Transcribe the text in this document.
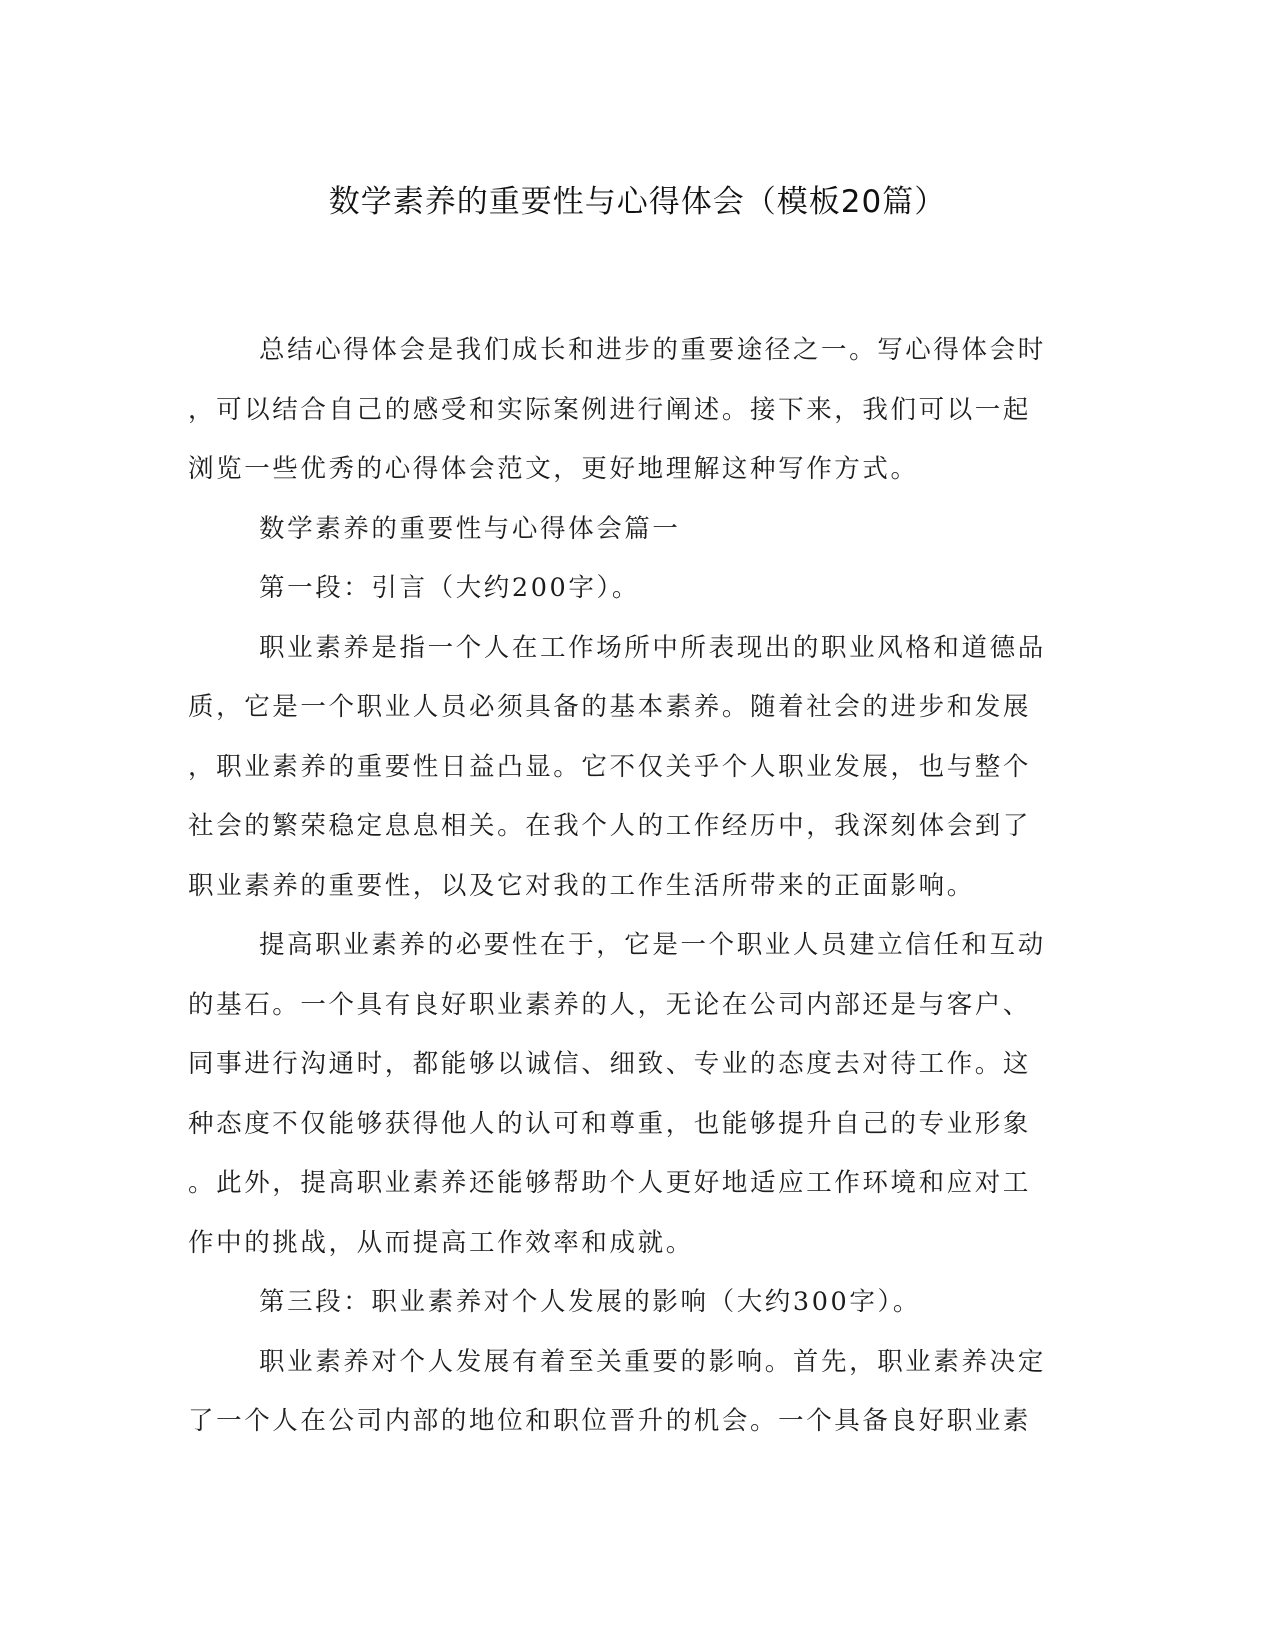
数学素养的重要性与心得体会（模板20篇）

总结心得体会是我们成长和进步的重要途径之一。写心得体会时
，可以结合自己的感受和实际案例进行阐述。接下来，我们可以一起
浏览一些优秀的心得体会范文，更好地理解这种写作方式。

数学素养的重要性与心得体会篇一

第一段：引言（大约200字）。

职业素养是指一个人在工作场所中所表现出的职业风格和道德品
质，它是一个职业人员必须具备的基本素养。随着社会的进步和发展
，职业素养的重要性日益凸显。它不仅关乎个人职业发展，也与整个
社会的繁荣稳定息息相关。在我个人的工作经历中，我深刻体会到了
职业素养的重要性，以及它对我的工作生活所带来的正面影响。

提高职业素养的必要性在于，它是一个职业人员建立信任和互动
的基石。一个具有良好职业素养的人，无论在公司内部还是与客户、
同事进行沟通时，都能够以诚信、细致、专业的态度去对待工作。这
种态度不仅能够获得他人的认可和尊重，也能够提升自己的专业形象
。此外，提高职业素养还能够帮助个人更好地适应工作环境和应对工
作中的挑战，从而提高工作效率和成就。

第三段：职业素养对个人发展的影响（大约300字）。

职业素养对个人发展有着至关重要的影响。首先，职业素养决定
了一个人在公司内部的地位和职位晋升的机会。一个具备良好职业素
